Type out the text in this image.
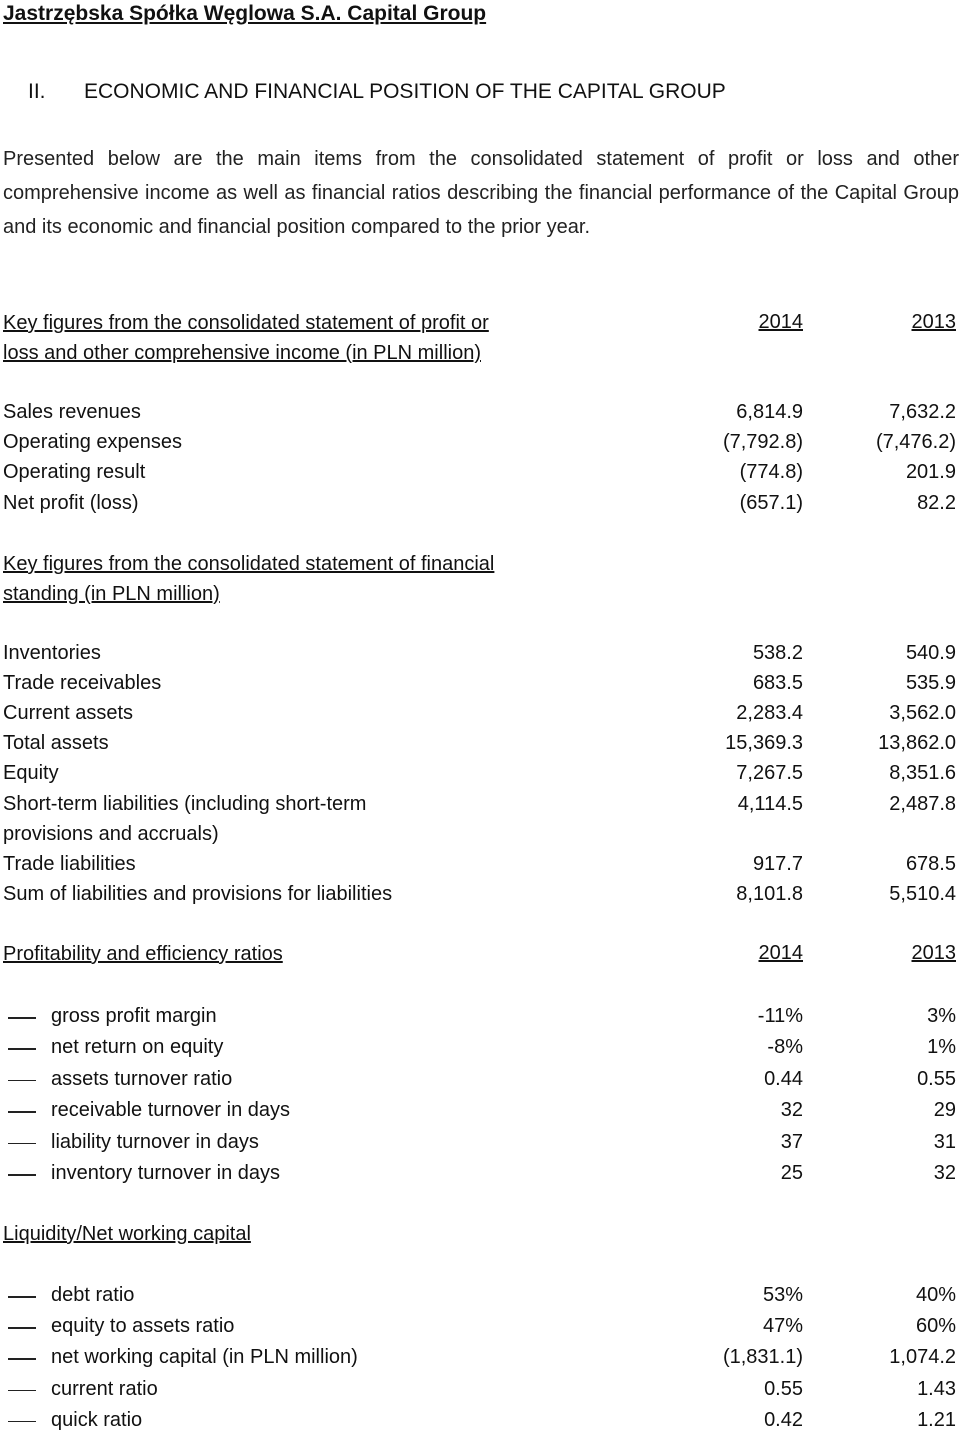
Jastrzębska Spółka Węglowa S.A. Capital Group
II. ECONOMIC AND FINANCIAL POSITION OF THE CAPITAL GROUP
Presented below are the main items from the consolidated statement of profit or loss and other comprehensive income as well as financial ratios describing the financial performance of the Capital Group and its economic and financial position compared to the prior year.
Key figures from the consolidated statement of profit or
loss and other comprehensive income (in PLN million)
2014	2013
Sales revenues	6,814.9	7,632.2
Operating expenses	(7,792.8)	(7,476.2)
Operating result	(774.8)	201.9
Net profit (loss)	(657.1)	82.2
Key figures from the consolidated statement of financial
standing (in PLN million)
Inventories	538.2	540.9
Trade receivables	683.5	535.9
Current assets	2,283.4	3,562.0
Total assets	15,369.3	13,862.0
Equity	7,267.5	8,351.6
Short-term liabilities (including short-term	4,114.5	2,487.8
provisions and accruals)
Trade liabilities	917.7	678.5
Sum of liabilities and provisions for liabilities	8,101.8	5,510.4
Profitability and efficiency ratios	2014	2013
gross profit margin	-11%	3%
net return on equity	-8%	1%
assets turnover ratio	0.44	0.55
receivable turnover in days	32	29
liability turnover in days	37	31
inventory turnover in days	25	32
Liquidity/Net working capital
debt ratio	53%	40%
equity to assets ratio	47%	60%
net working capital (in PLN million)	(1,831.1)	1,074.2
current ratio	0.55	1.43
quick ratio	0.42	1.21
